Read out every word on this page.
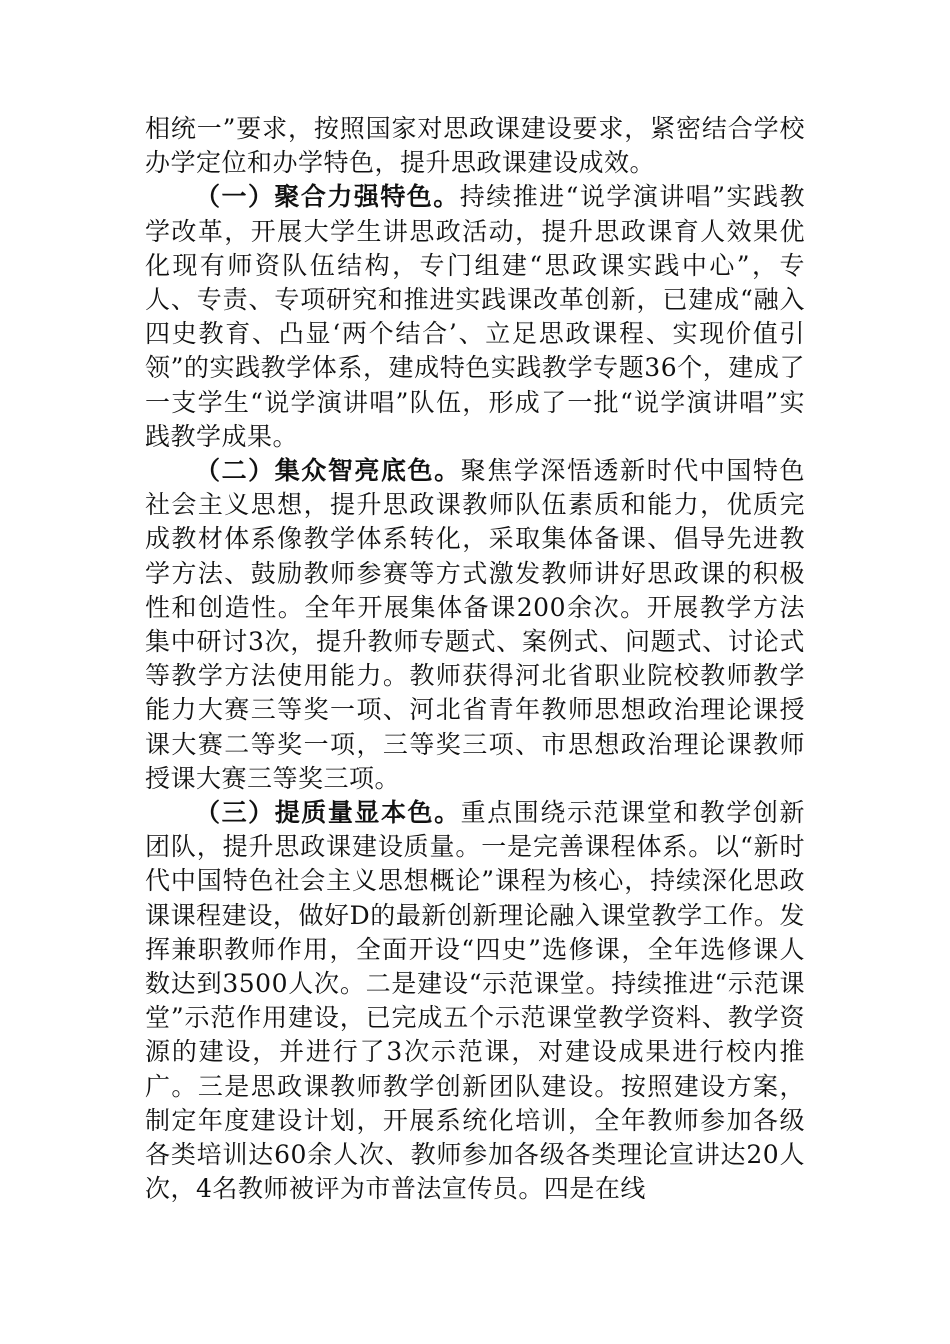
相统一”要求，按照国家对思政课建设要求，紧密结合学校办学定位和办学特色，提升思政课建设成效。

（一）聚合力强特色。持续推进“说学演讲唱”实践教学改革，开展大学生讲思政活动，提升思政课育人效果优化现有师资队伍结构，专门组建“思政课实践中心”，专人、专责、专项研究和推进实践课改革创新，已建成“融入四史教育、凸显‘两个结合’、立足思政课程、实现价值引领”的实践教学体系，建成特色实践教学专题36个，建成了一支学生“说学演讲唱”队伍，形成了一批“说学演讲唱”实践教学成果。

（二）集众智亮底色。聚焦学深悟透新时代中国特色社会主义思想，提升思政课教师队伍素质和能力，优质完成教材体系像教学体系转化，采取集体备课、倡导先进教学方法、鼓励教师参赛等方式激发教师讲好思政课的积极性和创造性。全年开展集体备课200余次。开展教学方法集中研讨3次，提升教师专题式、案例式、问题式、讨论式等教学方法使用能力。教师获得河北省职业院校教师教学能力大赛三等奖一项、河北省青年教师思想政治理论课授课大赛二等奖一项，三等奖三项、市思想政治理论课教师授课大赛三等奖三项。

（三）提质量显本色。重点围绕示范课堂和教学创新团队，提升思政课建设质量。一是完善课程体系。以“新时代中国特色社会主义思想概论”课程为核心，持续深化思政课课程建设，做好D的最新创新理论融入课堂教学工作。发挥兼职教师作用，全面开设“四史”选修课，全年选修课人数达到3500人次。二是建设“示范课堂。持续推进“示范课堂”示范作用建设，已完成五个示范课堂教学资料、教学资源的建设，并进行了3次示范课，对建设成果进行校内推广。三是思政课教师教学创新团队建设。按照建设方案，制定年度建设计划，开展系统化培训，全年教师参加各级各类培训达60余人次、教师参加各级各类理论宣讲达20人次，4名教师被评为市普法宣传员。四是在线
